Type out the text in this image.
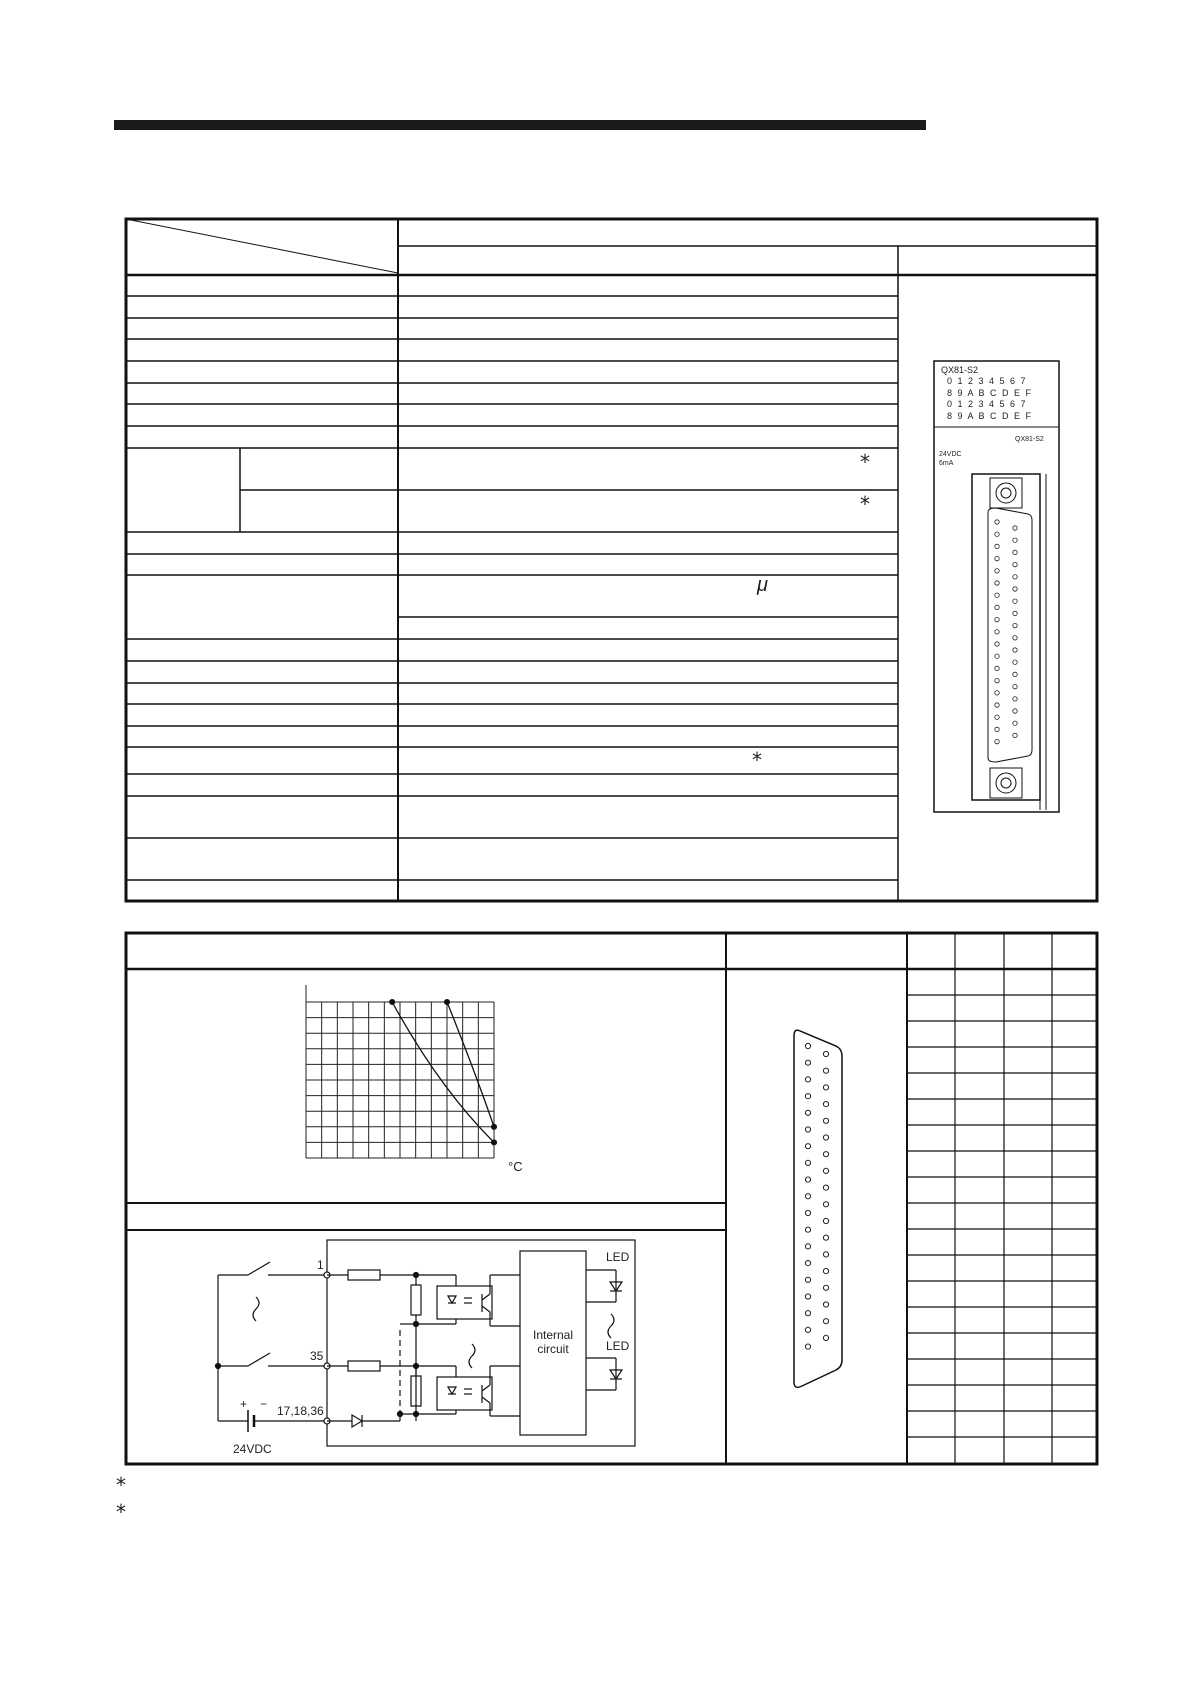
*
*
μ
*
QX81-S2
0 1 2 3 4 5 6 7
8 9 A B C D E F
0 1 2 3 4 5 6 7
8 9 A B C D E F
QX81-S2
24VDC
6mA
°C
1
35
17,18,36
+ −
24VDC
Internal
circuit
LED
LED
*
*
